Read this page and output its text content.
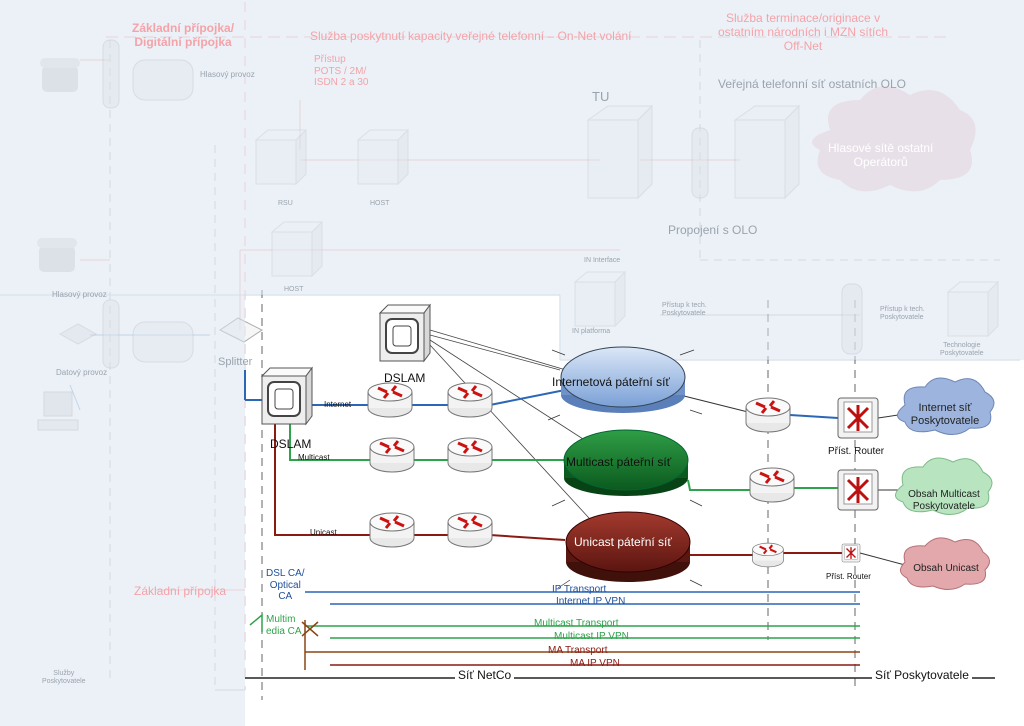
Základní přípojka/
Digitální přípojka	Služba poskytnutí kapacity veřejné telefonní – On-Net volání
Služba terminace/originace v
ostatním národních i MZN sítích
Off-Net
Přístup
POTS / 2M/
ISDN 2 a 30	Veřejná telefonní síť ostatních OLO
TU
Hlasové sítě ostatní
Operátorů
Propojení s OLO
Hlasový provoz
RSU	HOST
HOST
IN Interface
IN platforma
Přístup k tech.
Poskytovatele
Přístup k tech.
Poskytovatele
Technologie
Poskytovatele
Hlasový provoz
Datový provoz
Splitter
Služby
Poskytovatele
Základní přípojka
DSLAM
DSLAM
Internet
Multicast
Unicast
Internetová páteřní síť
Multicast páteřní síť
Unicast páteřní síť
Příst. Router
Příst. Router
Internet síť
Poskytovatele
Obsah Multicast
Poskytovatele
Obsah Unicast
DSL CA/
Optical
CA
Multim
edia CA
IP Transport
Internet IP VPN
Multicast Transport
Multicast IP VPN
MA Transport
MA IP VPN
Síť NetCo	Síť Poskytovatele
